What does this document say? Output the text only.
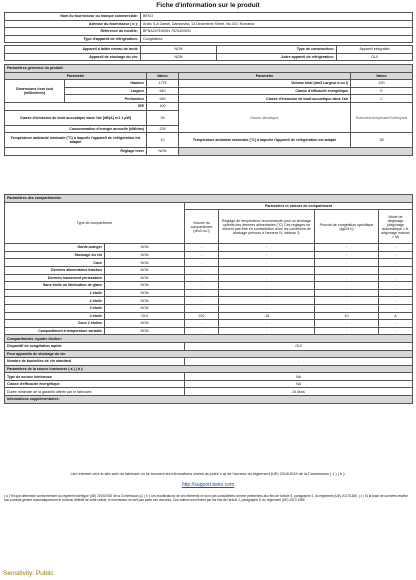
Fiche d'information sur le produit
Nom du fournisseur ou marque commerciale:	BEKO
Adresse du fournisseur ( b ):	Arctic S.A Gaesti, Dambovita, 13 Decembrie Street, No 210, Romania
Référence du modèle:	BFNA247E40SN 7523420031
Type d'appareil de réfrigération:	Congélateur
Appareil à faible niveau de bruit:	NON	Type de construction:	Appareil intégrable
Appareil de stockage du vin:	NON	Autre appareil de réfrigération:	OUI
Paramètres généraux du produit:				
Paramètre		Valeur	Paramètre	Valeur
Dimensions hors tout (millimètres)	Hauteur	1775	Volume total (dm3 Largeur a ou l)	220
	Largeur	540	Classe d'efficacité énergétique	E
	Profondeur	545	Classe d'émission de bruit acoustique dans l'air	C
IEE		100	Classe climatique:	Extended temperate/Subtropical
Classe d'émission de bruit acoustique dans l'air [dB(A) re1 1 pW]		39		
Consommation d'énergie annuelle (kWh/an)		239		
Température ambiante minimale (°C) à laquelle l'appareil de réfrigération est adapté		10	Température ambiante maximale (°C) à laquelle l'appareil de réfrigération est adapté	38
Réglage hiver		NON		
Paramètres des compartiments:					
Type de compartiment		Paramètres et valeurs de compartiment			
		Volume du compartiment (dm3 ou l)	Réglage de température recommandé pour un stockage optimal des denrées alimentaires (°C) Ces réglages ne doivent pas être en contradiction avec les conditions de stockage prévues à l'annexe IV, tableau 3;	Pouvoir de congélation spécifique (kg/24 h)	Mode de dégivrage (dégivrage automatique = A, dégivrage manuel = M)
Garde-manger	NON	-	-	-	-
Stockage du vin	NON	-	-	-	-
Cave	NON	-	-	-	-
Denrées alimentaires fraîches	NON	-	-	-	-
Denrées hautement périssables	NON	-	-	-	-
Sans étoile ou fabrication de glace	NON	-	-	-	-
1 étoile	NON	-	-	-	-
2 étoile	NON	-	-	-	-
3 étoile	NON	-	-	-	-
4 étoile	OUI	220	-18	10	A
Zone 2 étoiles	NON	-	-	-	-
Compartiment à température variable	NON	-	-	-	-
Compartiments «quatre étoiles»					
Dispositif de congélation rapide		OUI			
Pour appareils de stockage du vin					
Nombre de bouteilles de vin standard		-			
Paramètres de la source lumineuse ( a ) ( b ):					
Type de source lumineuse		NA			
Classe d'efficacité énergétique		NA			
Durée minimale de la garantie offerte par le fabricant:		24 Mois			
Informations supplémentaires:					
Lien internet vers le site web du fabricant où se trouvent les informations visées au point 4 a) de l'annexe du règlement (UE) 2019/2019 de la Commission ( 1 ) ( b ):
http://support.beko.com
( a ) Tel que déterminé conformément au règlement délégué (UE) 2019/2015 de la Commission ((1 ( b ) Les modifications de ces éléments ne sont pas considérées comme pertinentes aux fins de l'article 4, paragraphe 4, du règlement (UE) 2017/1369. ( c ) Si la base de données relative aux produits génère automatiquement le contenu définitif de cette cellule, le fournisseur ne doit pas saisir ces données. Ces valeurs sont fixées par les fins de l'article 2, paragraphe 6, du règlement (UE) 2017/1369.
Sensitivity: Public
